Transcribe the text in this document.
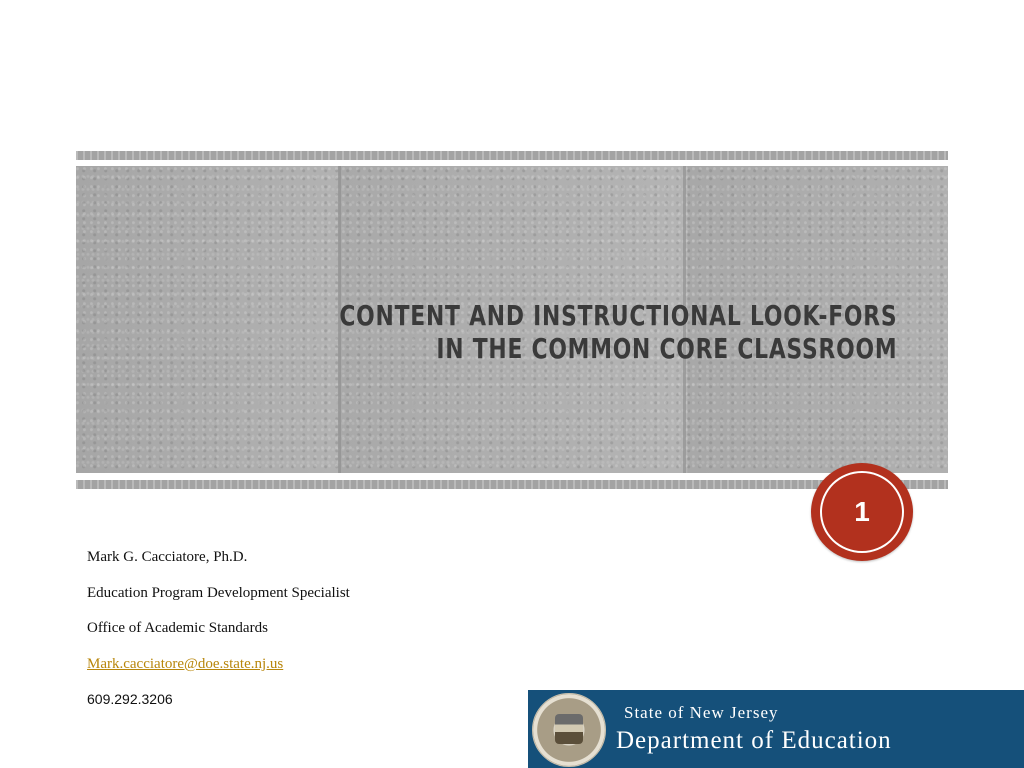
CONTENT AND INSTRUCTIONAL LOOK-FORS
IN THE COMMON CORE CLASSROOM
1
Mark G. Cacciatore, Ph.D.
Education Program Development Specialist
Office of Academic Standards
Mark.cacciatore@doe.state.nj.us
609.292.3206
State of New Jersey
Department of Education
